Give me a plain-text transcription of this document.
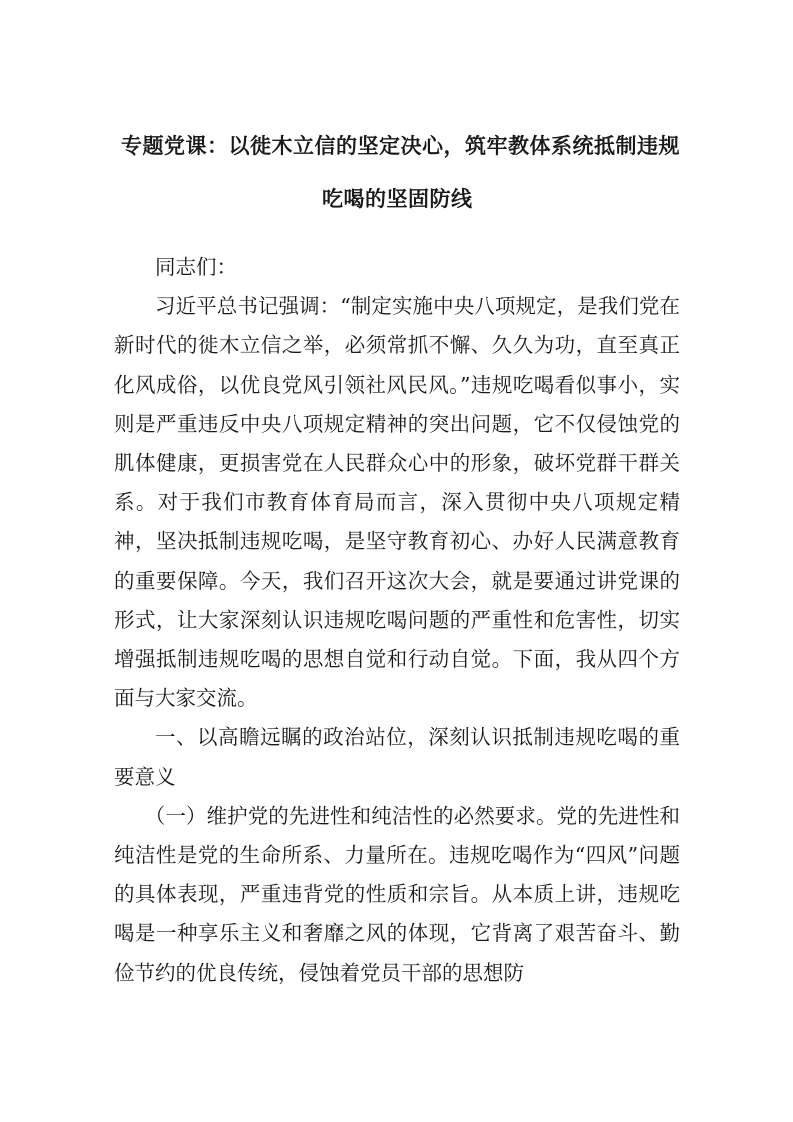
专题党课：以徙木立信的坚定决心，筑牢教体系统抵制违规
吃喝的坚固防线

同志们：

习近平总书记强调：“制定实施中央八项规定，是我们党在新时代的徙木立信之举，必须常抓不懈、久久为功，直至真正化风成俗，以优良党风引领社风民风。”违规吃喝看似事小，实则是严重违反中央八项规定精神的突出问题，它不仅侵蚀党的肌体健康，更损害党在人民群众心中的形象，破坏党群干群关系。对于我们市教育体育局而言，深入贯彻中央八项规定精神，坚决抵制违规吃喝，是坚守教育初心、办好人民满意教育的重要保障。今天，我们召开这次大会，就是要通过讲党课的形式，让大家深刻认识违规吃喝问题的严重性和危害性，切实增强抵制违规吃喝的思想自觉和行动自觉。下面，我从四个方面与大家交流。

一、以高瞻远瞩的政治站位，深刻认识抵制违规吃喝的重要意义

（一）维护党的先进性和纯洁性的必然要求。党的先进性和纯洁性是党的生命所系、力量所在。违规吃喝作为“四风”问题的具体表现，严重违背党的性质和宗旨。从本质上讲，违规吃喝是一种享乐主义和奢靡之风的体现，它背离了艰苦奋斗、勤俭节约的优良传统，侵蚀着党员干部的思想防
